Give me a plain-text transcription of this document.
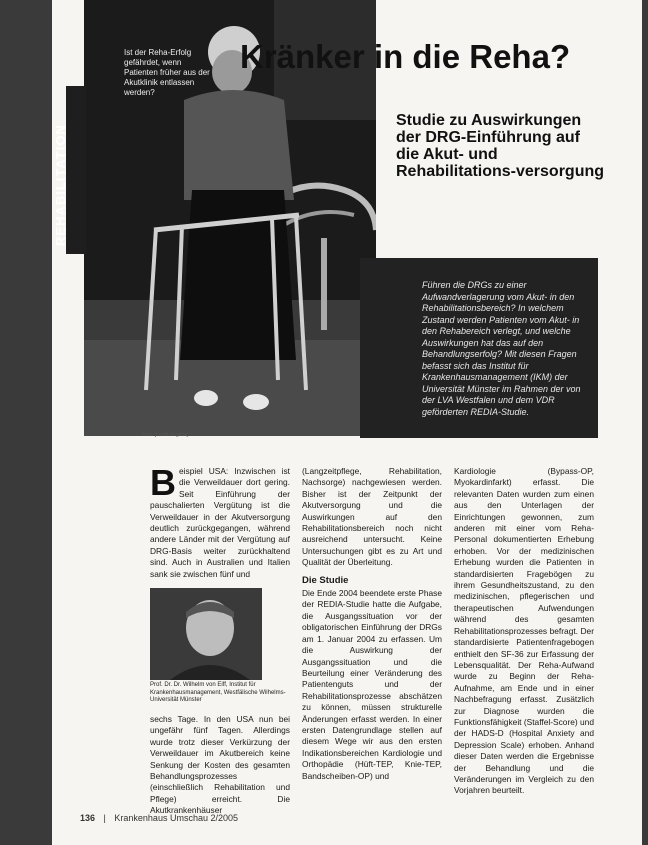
Ist der Reha-Erfolg gefährdet, wenn Patienten früher aus der Akutklinik entlassen werden?
REHABILITATION
Kränker in die Reha?
Studie zu Auswirkungen der DRG-Einführung auf die Akut- und Rehabilitations-versorgung
Führen die DRGs zu einer Aufwandverlagerung vom Akut- in den Rehabilitationsbereich? In welchem Zustand werden Patienten vom Akut- in den Rehabereich verlegt, und welche Auswirkungen hat das auf den Behandlungserfolg? Mit diesen Fragen befasst sich das Institut für Krankenhausmanagement (IKM) der Universität Münster im Rahmen der von der LVA Westfalen und dem VDR geförderten REDIA-Studie.
Foto: [credit illegible]
B eispiel USA: Inzwischen ist die Verweildauer dort gering. Seit Einführung der pauschalierten Vergütung ist die Verweildauer in der Akutversorgung deutlich zurückgegangen, während andere Länder mit der Vergütung auf DRG-Basis weiter zurückhaltend sind. Auch in Australien und Italien sank sie zwischen fünf und
Prof. Dr. Dr. Wilhelm von Eiff, Institut für Krankenhausmanagement, Westfälische Wilhelms-Universität Münster
sechs Tage. In den USA nun bei ungefähr fünf Tagen. Allerdings wurde trotz dieser Verkürzung der Verweildauer im Akutbereich keine Senkung der Kosten des gesamten Behandlungsprozesses (einschließlich Rehabilitation und Pflege) erreicht. Die Akutkrankenhäuser
(Langzeitpflege, Rehabilitation, Nachsorge) nachgewiesen werden. Bisher ist der Zeitpunkt der Akutversorgung und die Auswirkungen auf den Rehabilitationsbereich noch nicht ausreichend untersucht. Keine Untersuchungen gibt es zu Art und Qualität der Überleitung.
Die Studie
Die Ende 2004 beendete erste Phase der REDIA-Studie hatte die Aufgabe, die Ausgangssituation vor der obligatorischen Einführung der DRGs am 1. Januar 2004 zu erfassen. Um die Auswirkung der Ausgangssituation und die Beurteilung einer Veränderung des Patientenguts und der Rehabilitationsprozesse abschätzen zu können, müssen strukturelle Änderungen erfasst werden. In einer ersten Datengrundlage stellen auf diesem Wege wir aus den ersten Indikationsbereichen Kardiologie und Orthopädie (Hüft-TEP, Knie-TEP, Bandscheiben-OP) und
Kardiologie (Bypass-OP, Myokardinfarkt) erfasst. Die relevanten Daten wurden zum einen aus den Unterlagen der Einrichtungen gewonnen, zum anderen mit einer vom Reha-Personal dokumentierten Erhebung erhoben. Vor der medizinischen Erhebung wurden die Patienten in standardisierten Fragebögen zu ihrem Gesundheitszustand, zu den medizinischen, pflegerischen und therapeutischen Aufwendungen während des gesamten Rehabilitationsprozesses befragt. Der standardisierte Patientenfragebogen enthielt den SF-36 zur Erfassung der Lebensqualität. Der Reha-Aufwand wurde zu Beginn der Reha-Aufnahme, am Ende und in einer Nachbefragung erfasst. Zusätzlich zur Diagnose wurden die Funktionsfähigkeit (Staffel-Score) und der HADS-D (Hospital Anxiety and Depression Scale) erhoben. Anhand dieser Daten werden die Ergebnisse der Behandlung und die Veränderungen im Vergleich zu den Vorjahren beurteilt.
136 | Krankenhaus Umschau 2/2005
